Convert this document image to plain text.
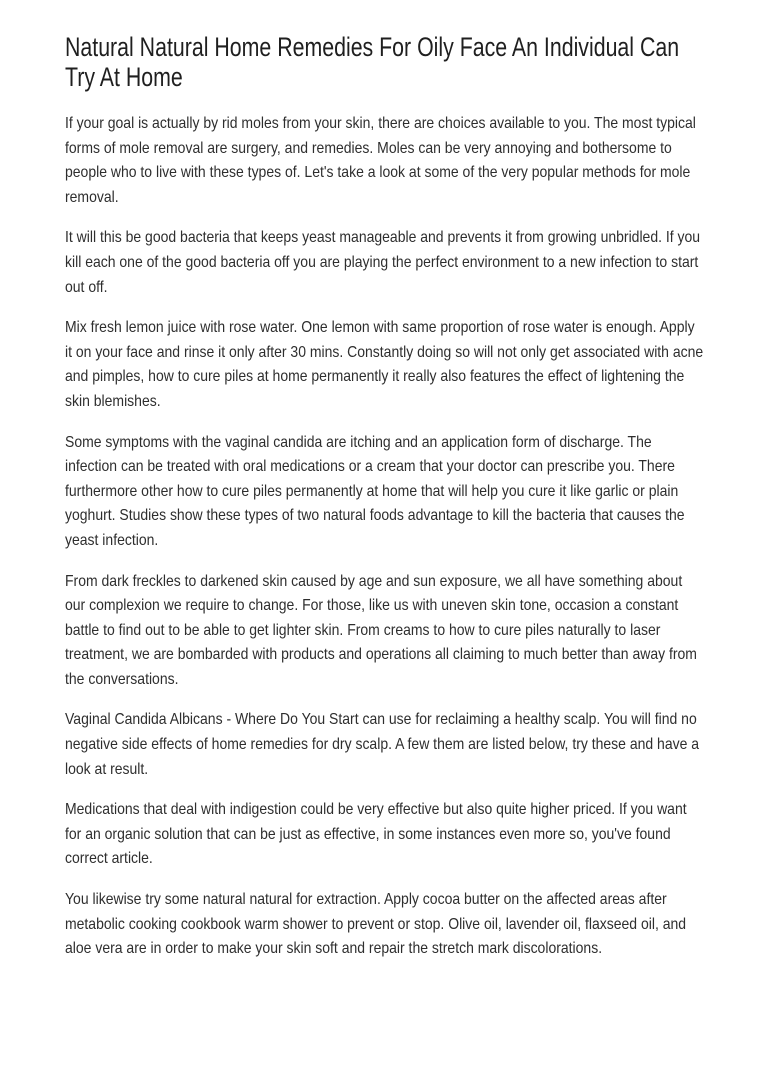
Natural Natural Home Remedies For Oily Face An Individual Can Try At Home

If your goal is actually by rid moles from your skin, there are choices available to you. The most typical forms of mole removal are surgery, and remedies. Moles can be very annoying and bothersome to people who to live with these types of. Let's take a look at some of the very popular methods for mole removal.

It will this be good bacteria that keeps yeast manageable and prevents it from growing unbridled. If you kill each one of the good bacteria off you are playing the perfect environment to a new infection to start out off.

Mix fresh lemon juice with rose water. One lemon with same proportion of rose water is enough. Apply it on your face and rinse it only after 30 mins. Constantly doing so will not only get associated with acne and pimples, how to cure piles at home permanently it really also features the effect of lightening the skin blemishes.

Some symptoms with the vaginal candida are itching and an application form of discharge. The infection can be treated with oral medications or a cream that your doctor can prescribe you. There furthermore other how to cure piles permanently at home that will help you cure it like garlic or plain yoghurt. Studies show these types of two natural foods advantage to kill the bacteria that causes the yeast infection.

From dark freckles to darkened skin caused by age and sun exposure, we all have something about our complexion we require to change. For those, like us with uneven skin tone, occasion a constant battle to find out to be able to get lighter skin. From creams to how to cure piles naturally to laser treatment, we are bombarded with products and operations all claiming to much better than away from the conversations.

Vaginal Candida Albicans - Where Do You Start can use for reclaiming a healthy scalp. You will find no negative side effects of home remedies for dry scalp. A few them are listed below, try these and have a look at result.

Medications that deal with indigestion could be very effective but also quite higher priced. If you want for an organic solution that can be just as effective, in some instances even more so, you've found correct article.

You likewise try some natural natural for extraction. Apply cocoa butter on the affected areas after metabolic cooking cookbook warm shower to prevent or stop. Olive oil, lavender oil, flaxseed oil, and aloe vera are in order to make your skin soft and repair the stretch mark discolorations.
